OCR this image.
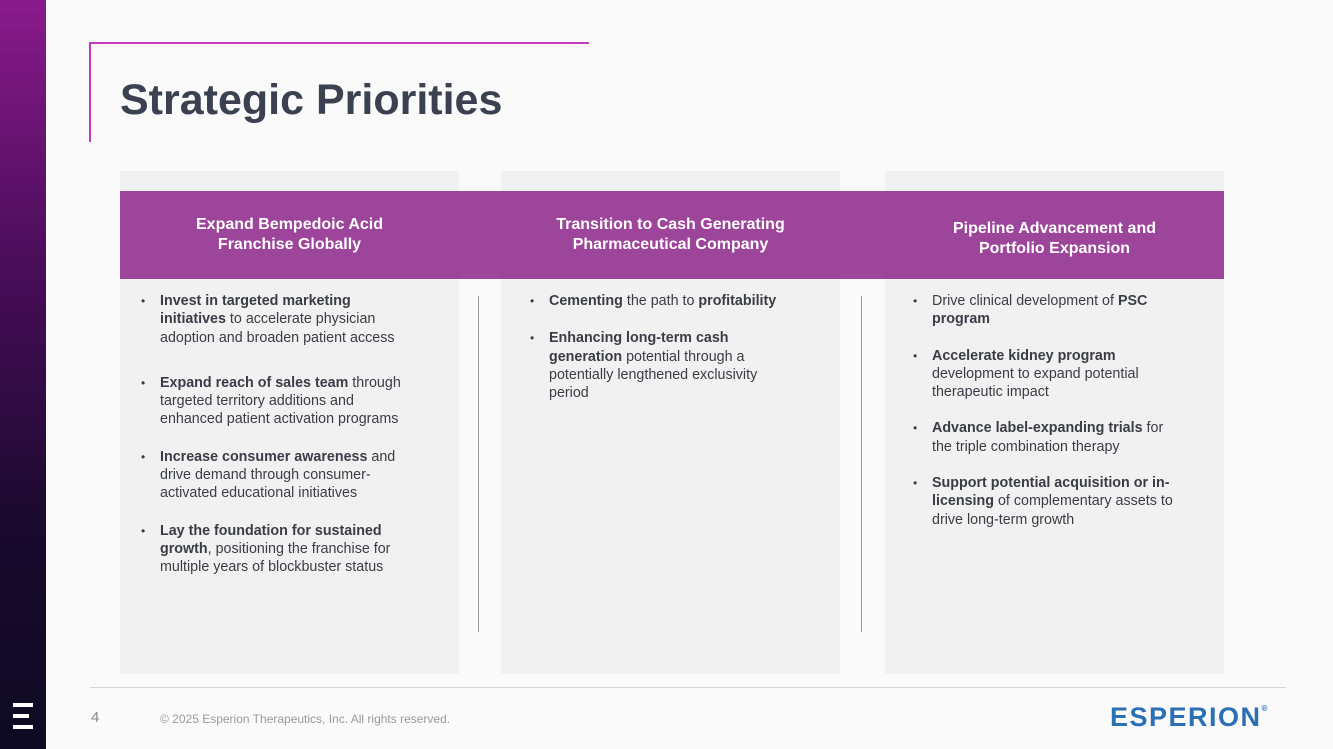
Strategic Priorities
Expand Bempedoic Acid Franchise Globally
Transition to Cash Generating Pharmaceutical Company
Pipeline Advancement and Portfolio Expansion
• Invest in targeted marketing initiatives to accelerate physician adoption and broaden patient access
• Expand reach of sales team through targeted territory additions and enhanced patient activation programs
• Increase consumer awareness and drive demand through consumer-activated educational initiatives
• Lay the foundation for sustained growth, positioning the franchise for multiple years of blockbuster status
• Cementing the path to profitability
• Enhancing long-term cash generation potential through a potentially lengthened exclusivity period
• Drive clinical development of PSC program
• Accelerate kidney program development to expand potential therapeutic impact
• Advance label-expanding trials for the triple combination therapy
• Support potential acquisition or in-licensing of complementary assets to drive long-term growth
4	© 2025 Esperion Therapeutics, Inc. All rights reserved.	ESPERION®
